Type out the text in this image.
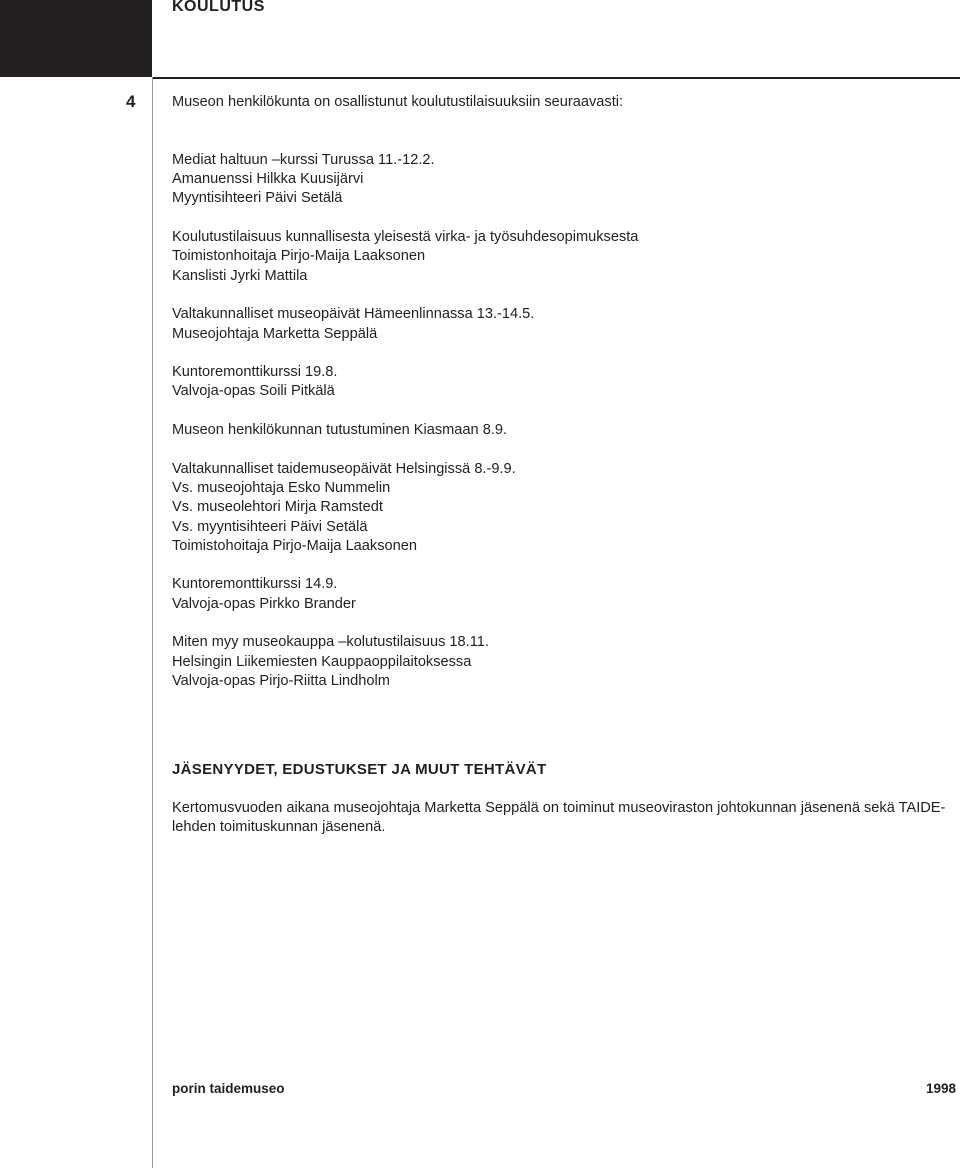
KOULUTUS
4	Museon henkilökunta on osallistunut koulutustilaisuuksiin seuraavasti:

Mediat haltuun –kurssi Turussa 11.-12.2.

Amanuenssi Hilkka Kuusijärvi

Myyntisihteeri Päivi Setälä

Koulutustilaisuus kunnallisesta yleisestä virka- ja työsuhdesopimuksesta

Toimistonhoitaja Pirjo-Maija Laaksonen

Kanslisti Jyrki Mattila

Valtakunnalliset museopäivät Hämeenlinnassa 13.-14.5.

Museojohtaja Marketta Seppälä

Kuntoremonttikurssi 19.8.

Valvoja-opas Soili Pitkälä

Museon henkilökunnan tutustuminen Kiasmaan 8.9.

Valtakunnalliset taidemuseopäivät Helsingissä 8.-9.9.

Vs. museojohtaja Esko Nummelin

Vs. museolehtori Mirja Ramstedt

Vs. myyntisihteeri Päivi Setälä

Toimistohoitaja Pirjo-Maija Laaksonen

Kuntoremonttikurssi 14.9.

Valvoja-opas Pirkko Brander

Miten myy museokauppa –kolutustilaisuus 18.11.

Helsingin Liikemiesten Kauppaoppilaitoksessa

Valvoja-opas Pirjo-Riitta Lindholm

JÄSENYYDET, EDUSTUKSET JA MUUT TEHTÄVÄT

Kertomusvuoden aikana museojohtaja Marketta Seppälä on toiminut museoviraston johtokunnan jäsenenä sekä TAIDE-lehden toimituskunnan jäsenenä.

porin taidemuseo	1998
